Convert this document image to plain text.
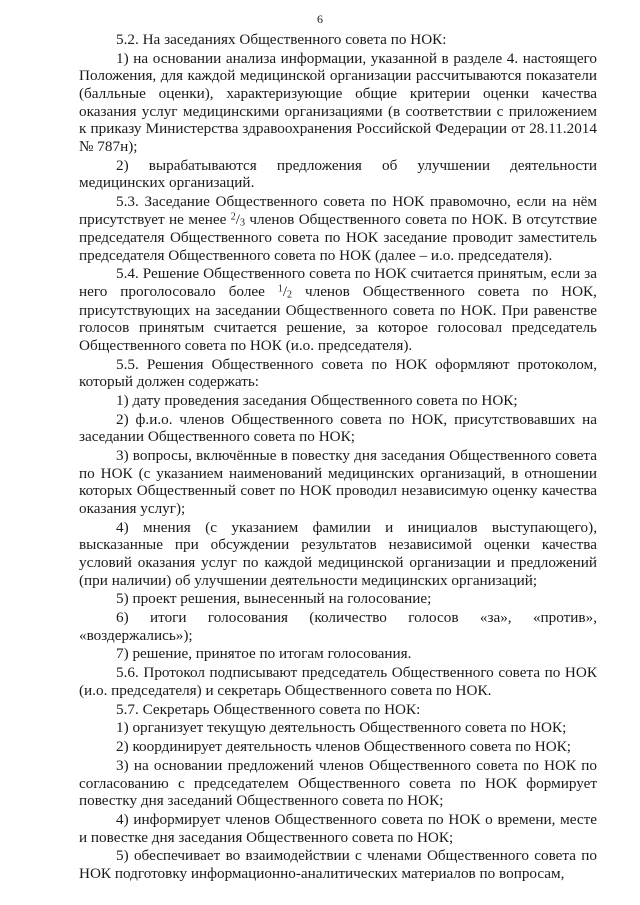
6

5.2. На заседаниях Общественного совета по НОК:

1) на основании анализа информации, указанной в разделе 4. настоящего Положения, для каждой медицинской организации рассчитываются показатели (балльные оценки), характеризующие общие критерии оценки качества оказания услуг медицинскими организациями (в соответствии с приложением к приказу Министерства здравоохранения Российской Федерации от 28.11.2014 № 787н);

2) вырабатываются предложения об улучшении деятельности медицинских организаций.

5.3. Заседание Общественного совета по НОК правомочно, если на нём присутствует не менее $^2/_3$ членов Общественного совета по НОК. В отсутствие председателя Общественного совета по НОК заседание проводит заместитель председателя Общественного совета по НОК (далее – и.о. председателя).

5.4. Решение Общественного совета по НОК считается принятым, если за него проголосовало более $^1/_2$ членов Общественного совета по НОК, присутствующих на заседании Общественного совета по НОК. При равенстве голосов принятым считается решение, за которое голосовал председатель Общественного совета по НОК (и.о. председателя).

5.5. Решения Общественного совета по НОК оформляют протоколом, который должен содержать:

1) дату проведения заседания Общественного совета по НОК;

2) ф.и.о. членов Общественного совета по НОК, присутствовавших на заседании Общественного совета по НОК;

3) вопросы, включённые в повестку дня заседания Общественного совета по НОК (с указанием наименований медицинских организаций, в отношении которых Общественный совет по НОК проводил независимую оценку качества оказания услуг);

4) мнения (с указанием фамилии и инициалов выступающего), высказанные при обсуждении результатов независимой оценки качества условий оказания услуг по каждой медицинской организации и предложений (при наличии) об улучшении деятельности медицинских организаций;

5) проект решения, вынесенный на голосование;

6) итоги голосования (количество голосов «за», «против», «воздержались»);

7) решение, принятое по итогам голосования.

5.6. Протокол подписывают председатель Общественного совета по НОК (и.о. председателя) и секретарь Общественного совета по НОК.

5.7. Секретарь Общественного совета по НОК:

1) организует текущую деятельность Общественного совета по НОК;

2) координирует деятельность членов Общественного совета по НОК;

3) на основании предложений членов Общественного совета по НОК по согласованию с председателем Общественного совета по НОК формирует повестку дня заседаний Общественного совета по НОК;

4) информирует членов Общественного совета по НОК о времени, месте и повестке дня заседания Общественного совета по НОК;

5) обеспечивает во взаимодействии с членами Общественного совета по НОК подготовку информационно-аналитических материалов по вопросам,
